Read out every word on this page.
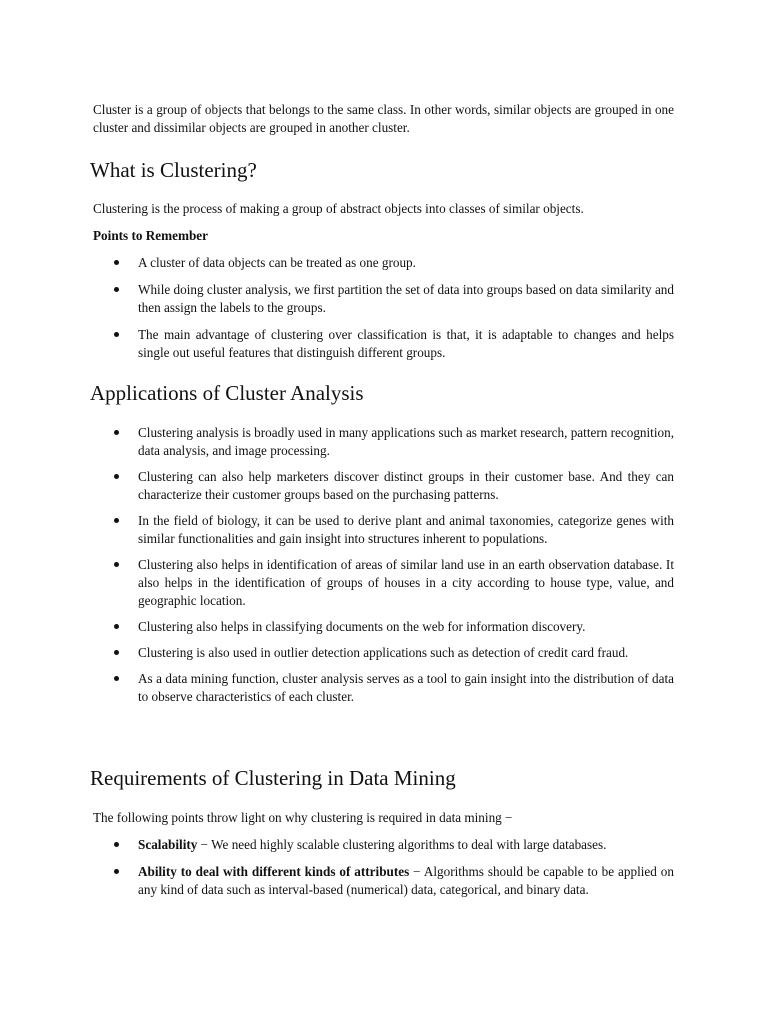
Cluster is a group of objects that belongs to the same class. In other words, similar objects are grouped in one cluster and dissimilar objects are grouped in another cluster.

What is Clustering?

Clustering is the process of making a group of abstract objects into classes of similar objects.

Points to Remember

A cluster of data objects can be treated as one group.
While doing cluster analysis, we first partition the set of data into groups based on data similarity and then assign the labels to the groups.
The main advantage of clustering over classification is that, it is adaptable to changes and helps single out useful features that distinguish different groups.
Applications of Cluster Analysis
Clustering analysis is broadly used in many applications such as market research, pattern recognition, data analysis, and image processing.
Clustering can also help marketers discover distinct groups in their customer base. And they can characterize their customer groups based on the purchasing patterns.
In the field of biology, it can be used to derive plant and animal taxonomies, categorize genes with similar functionalities and gain insight into structures inherent to populations.
Clustering also helps in identification of areas of similar land use in an earth observation database. It also helps in the identification of groups of houses in a city according to house type, value, and geographic location.
Clustering also helps in classifying documents on the web for information discovery.
Clustering is also used in outlier detection applications such as detection of credit card fraud.
As a data mining function, cluster analysis serves as a tool to gain insight into the distribution of data to observe characteristics of each cluster.
Requirements of Clustering in Data Mining

The following points throw light on why clustering is required in data mining −

Scalability − We need highly scalable clustering algorithms to deal with large databases.
Ability to deal with different kinds of attributes − Algorithms should be capable to be applied on any kind of data such as interval-based (numerical) data, categorical, and binary data.
